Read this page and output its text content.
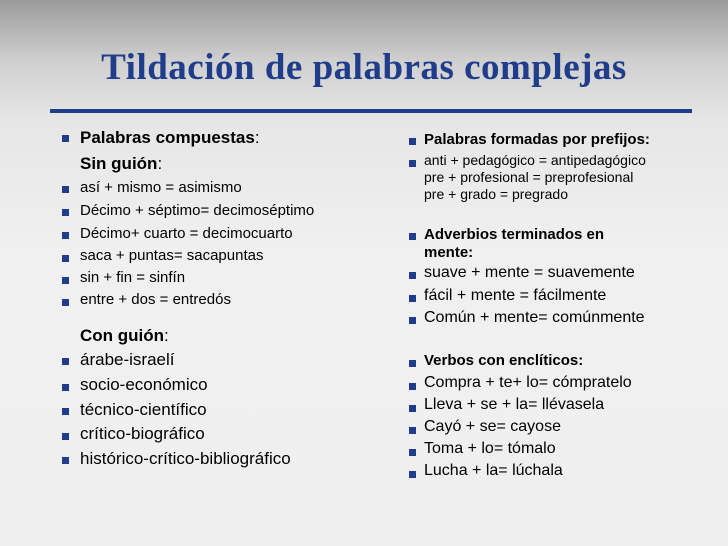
Tildación de palabras complejas
Palabras compuestas:
Sin guión:
así + mismo = asimismo
Décimo + séptimo= decimoséptimo
Décimo+ cuarto = decimocuarto
saca + puntas= sacapuntas
sin + fin = sinfín
entre + dos = entredós
Con guión:
árabe-israelí
socio-económico
técnico-científico
crítico-biográfico
histórico-crítico-bibliográfico
Palabras formadas por prefijos:
anti + pedagógico = antipedagógico
pre + profesional = preprofesional
pre + grado = pregrado
Adverbios terminados en
mente:
suave + mente = suavemente
fácil + mente = fácilmente
Común + mente= comúnmente
Verbos con enclíticos:
Compra + te+ lo= cómpratelo
Lleva + se + la= llévasela
Cayó + se= cayose
Toma + lo= tómalo
Lucha + la= lúchala
